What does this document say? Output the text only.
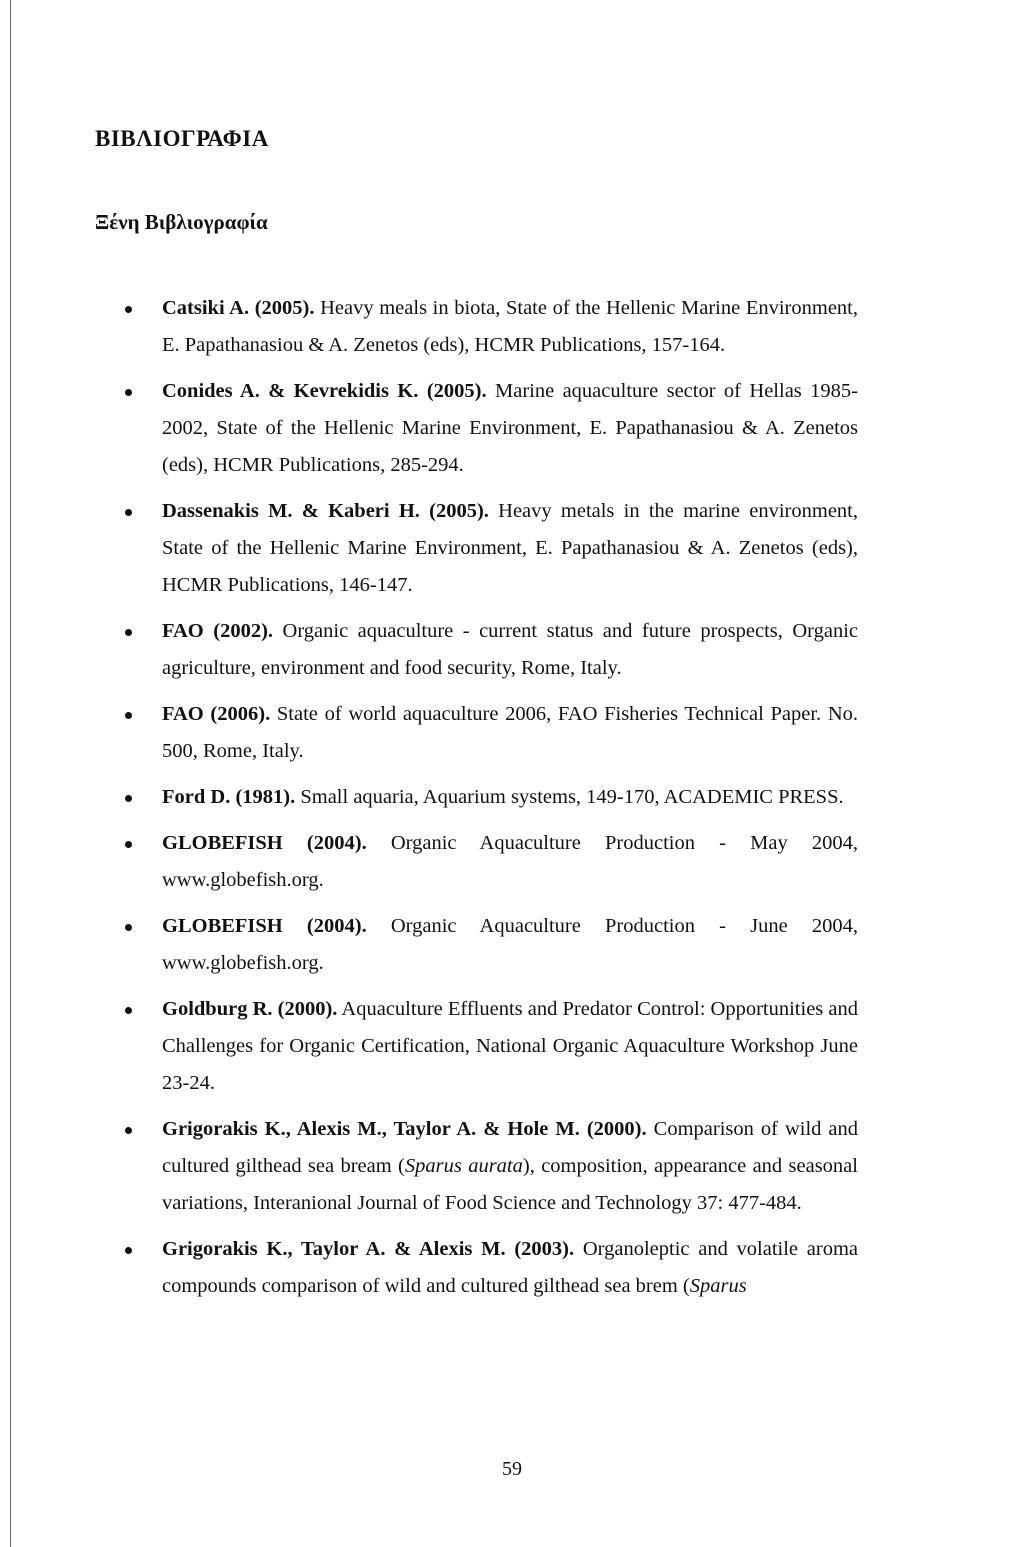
ΒΙΒΛΙΟΓΡΑΦΙΑ
Ξένη Βιβλιογραφία
Catsiki A. (2005). Heavy meals in biota, State of the Hellenic Marine Environment, E. Papathanasiou & A. Zenetos (eds), HCMR Publications, 157-164.
Conides A. & Kevrekidis K. (2005). Marine aquaculture sector of Hellas 1985-2002, State of the Hellenic Marine Environment, E. Papathanasiou & A. Zenetos (eds), HCMR Publications, 285-294.
Dassenakis M. & Kaberi H. (2005). Heavy metals in the marine environment, State of the Hellenic Marine Environment, E. Papathanasiou & A. Zenetos (eds), HCMR Publications, 146-147.
FAO (2002). Organic aquaculture - current status and future prospects, Organic agriculture, environment and food security, Rome, Italy.
FAO (2006). State of world aquaculture 2006, FAO Fisheries Technical Paper. No. 500, Rome, Italy.
Ford D. (1981). Small aquaria, Aquarium systems, 149-170, ACADEMIC PRESS.
GLOBEFISH (2004). Organic Aquaculture Production - May 2004, www.globefish.org.
GLOBEFISH (2004). Organic Aquaculture Production - June 2004, www.globefish.org.
Goldburg R. (2000). Aquaculture Effluents and Predator Control: Opportunities and Challenges for Organic Certification, National Organic Aquaculture Workshop June 23-24.
Grigorakis K., Alexis M., Taylor A. & Hole M. (2000). Comparison of wild and cultured gilthead sea bream (Sparus aurata), composition, appearance and seasonal variations, Interanional Journal of Food Science and Technology 37: 477-484.
Grigorakis K., Taylor A. & Alexis M. (2003). Organoleptic and volatile aroma compounds comparison of wild and cultured gilthead sea brem (Sparus
59
